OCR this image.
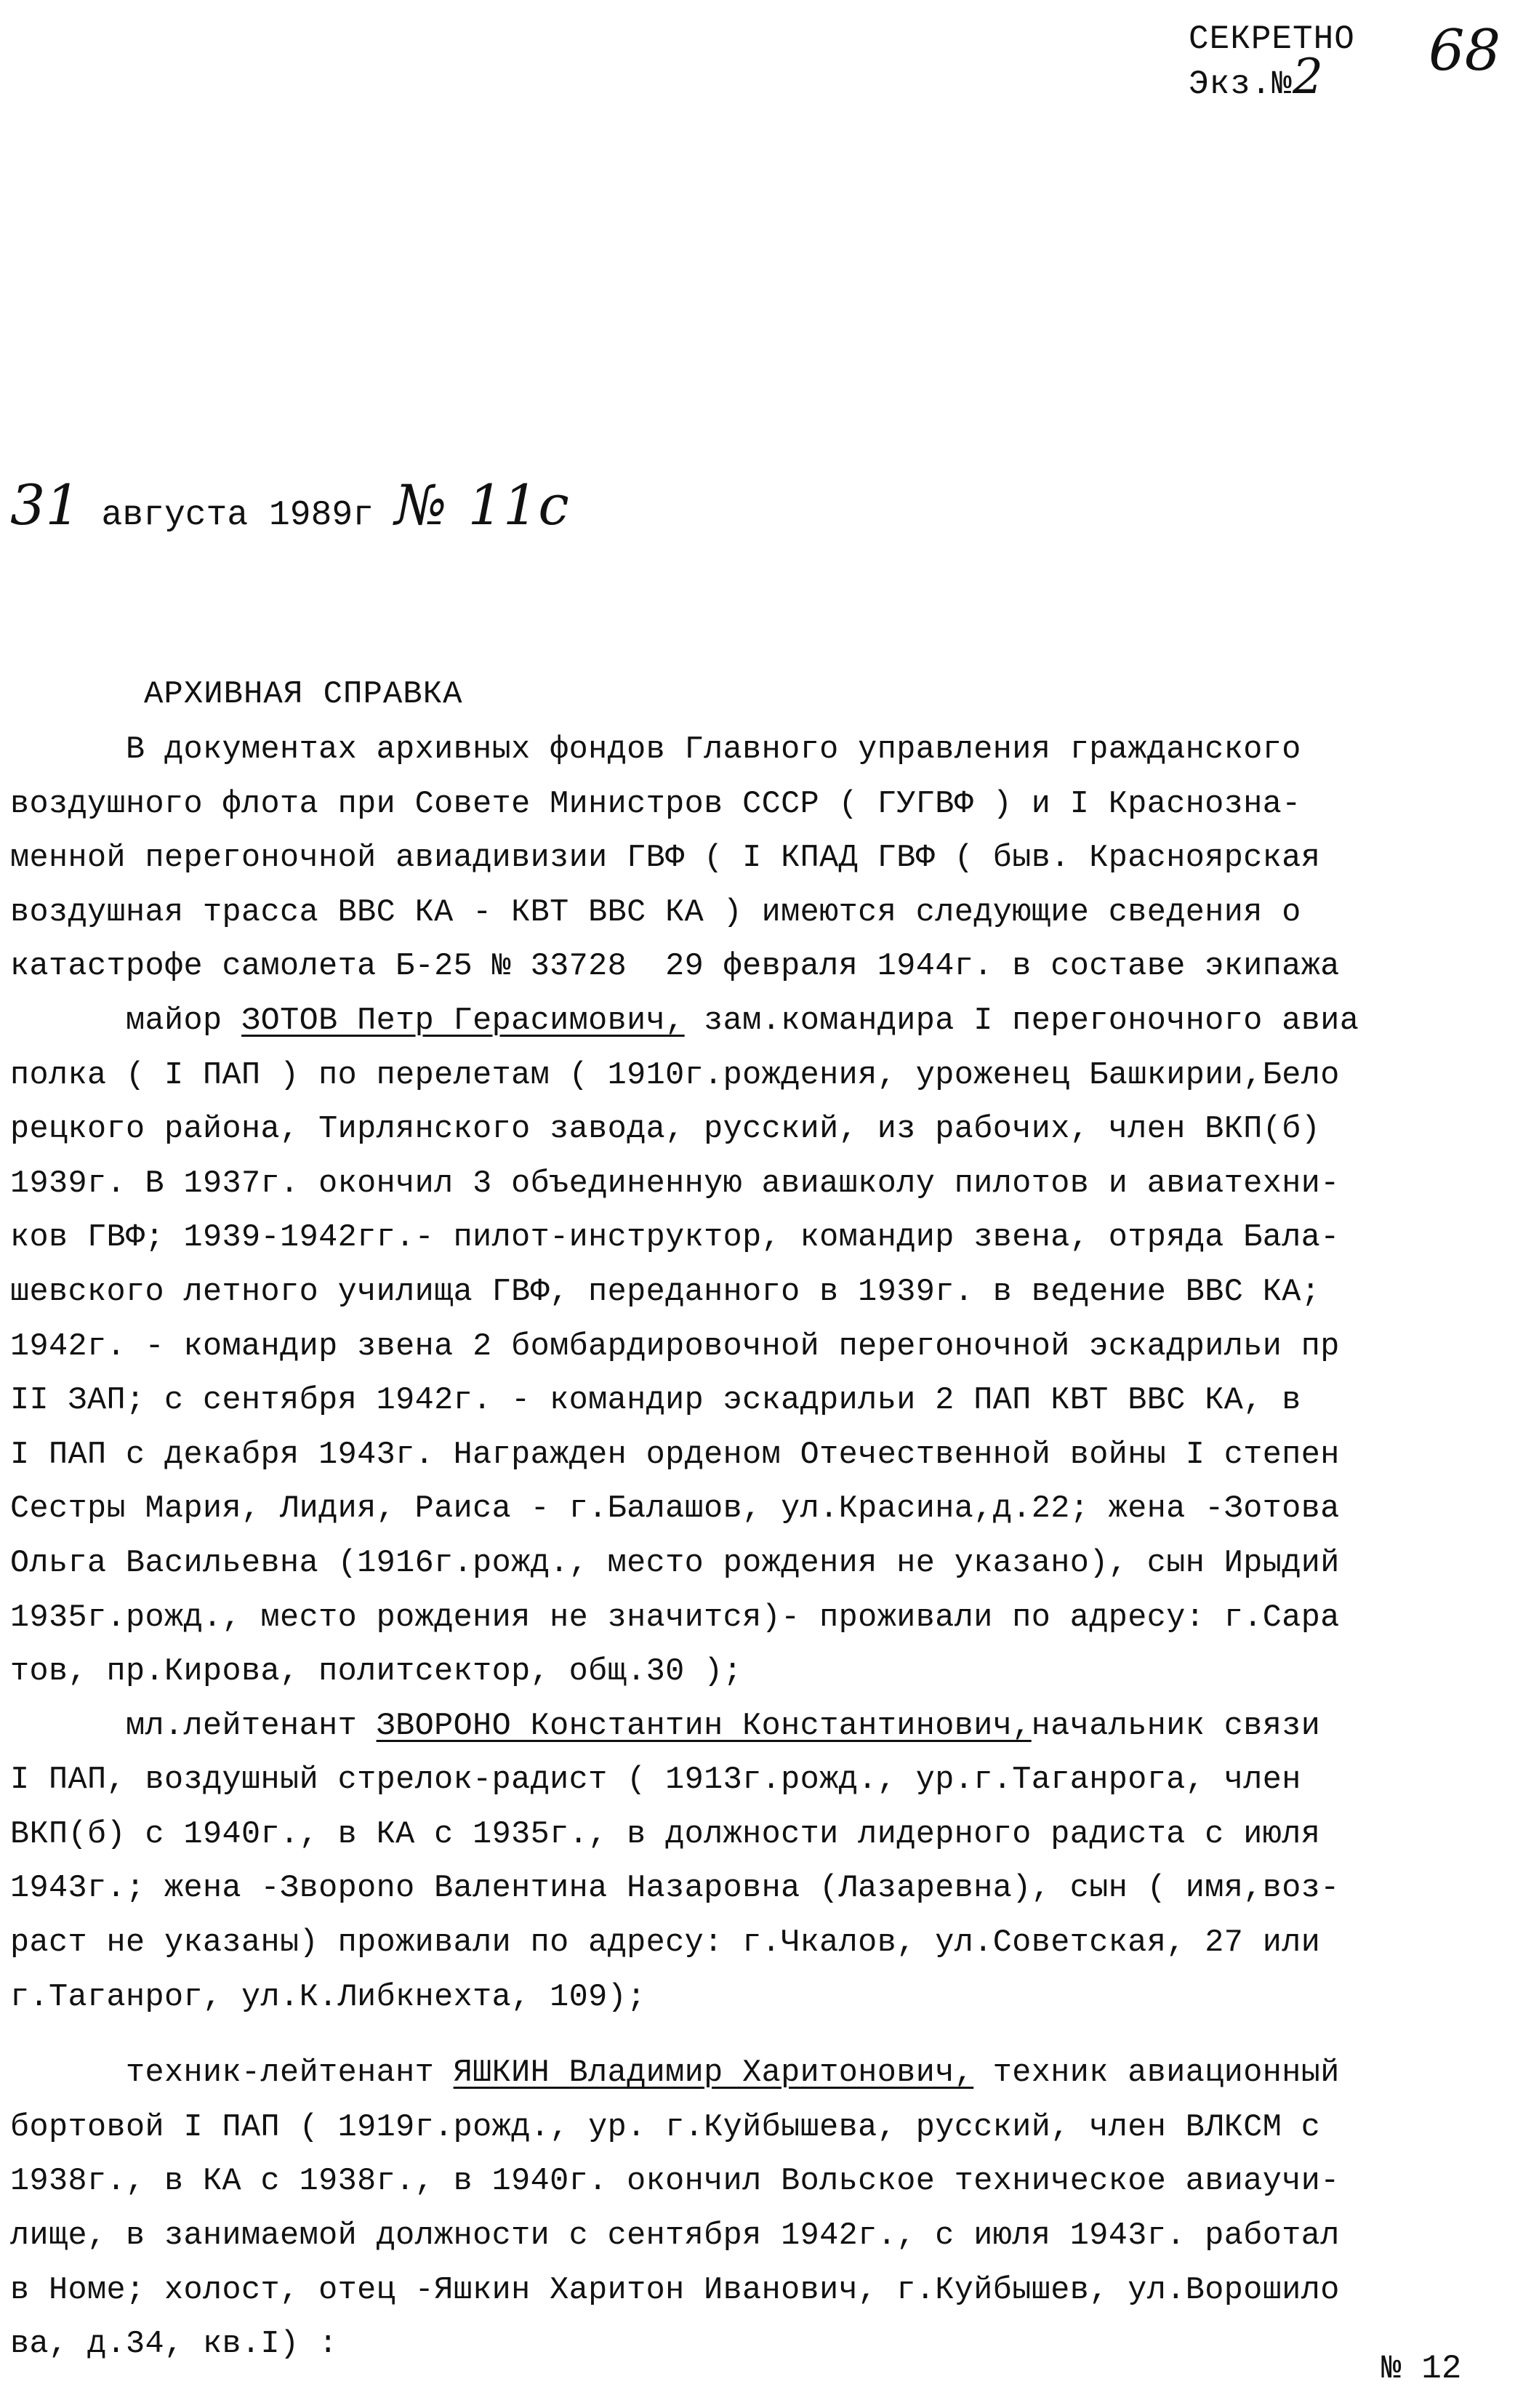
СЕКРЕТНО
Экз.№2	68
31 августа 1989г № 11с
АРХИВНАЯ СПРАВКА
В документах архивных фондов Главного управления гражданского
воздушного флота при Совете Министров СССР ( ГУГВФ ) и I Краснозна-
менной перегоночной авиадивизии ГВФ ( I КПАД ГВФ ( быв. Красноярская
воздушная трасса ВВС КА - КВТ ВВС КА ) имеются следующие сведения о
катастрофе самолета Б-25 № 33728  29 февраля 1944г. в составе экипажа
майор ЗОТОВ Петр Герасимович, зам.командира I перегоночного авиа
полка ( I ПАП ) по перелетам ( 1910г.рождения, уроженец Башкирии,Бело
рецкого района, Тирлянского завода, русский, из рабочих, член ВКП(б)
1939г. В 1937г. окончил 3 объединенную авиашколу пилотов и авиатехни-
ков ГВФ; 1939-1942гг.- пилот-инструктор, командир звена, отряда Бала-
шевского летного училища ГВФ, переданного в 1939г. в ведение ВВС КА;
1942г. - командир звена 2 бомбардировочной перегоночной эскадрильи пр
II ЗАП; с сентября 1942г. - командир эскадрильи 2 ПАП КВТ ВВС КА, в
I ПАП с декабря 1943г. Награжден орденом Отечественной войны I степен
Сестры Мария, Лидия, Раиса - г.Балашов, ул.Красина,д.22; жена -Зотова
Ольга Васильевна (1916г.рожд., место рождения не указано), сын Ирыдий
1935г.рожд., место рождения не значится)- проживали по адресу: г.Сара
тов, пр.Кирова, политсектор, общ.30 );
мл.лейтенант ЗВОРОНО Константин Константинович,начальник связи
I ПАП, воздушный стрелок-радист ( 1913г.рожд., ур.г.Таганрога, член
ВКП(б) с 1940г., в КА с 1935г., в должности лидерного радиста с июля
1943г.; жена -Зворono Валентина Назаровна (Лазаревна), сын ( имя,воз-
раст не указаны) проживали по адресу: г.Чкалов, ул.Советская, 27 или
г.Таганрог, ул.К.Либкнехта, 109);
техник-лейтенант ЯШКИН Владимир Харитонович, техник авиационный
бортовой I ПАП ( 1919г.рожд., ур. г.Куйбышева, русский, член ВЛКСМ с
1938г., в КА с 1938г., в 1940г. окончил Вольское техническое авиаучи-
лище, в занимаемой должности с сентября 1942г., с июля 1943г. работал
в Номе; холост, отец -Яшкин Харитон Иванович, г.Куйбышев, ул.Ворошило
ва, д.34, кв.I) :
№ 12
